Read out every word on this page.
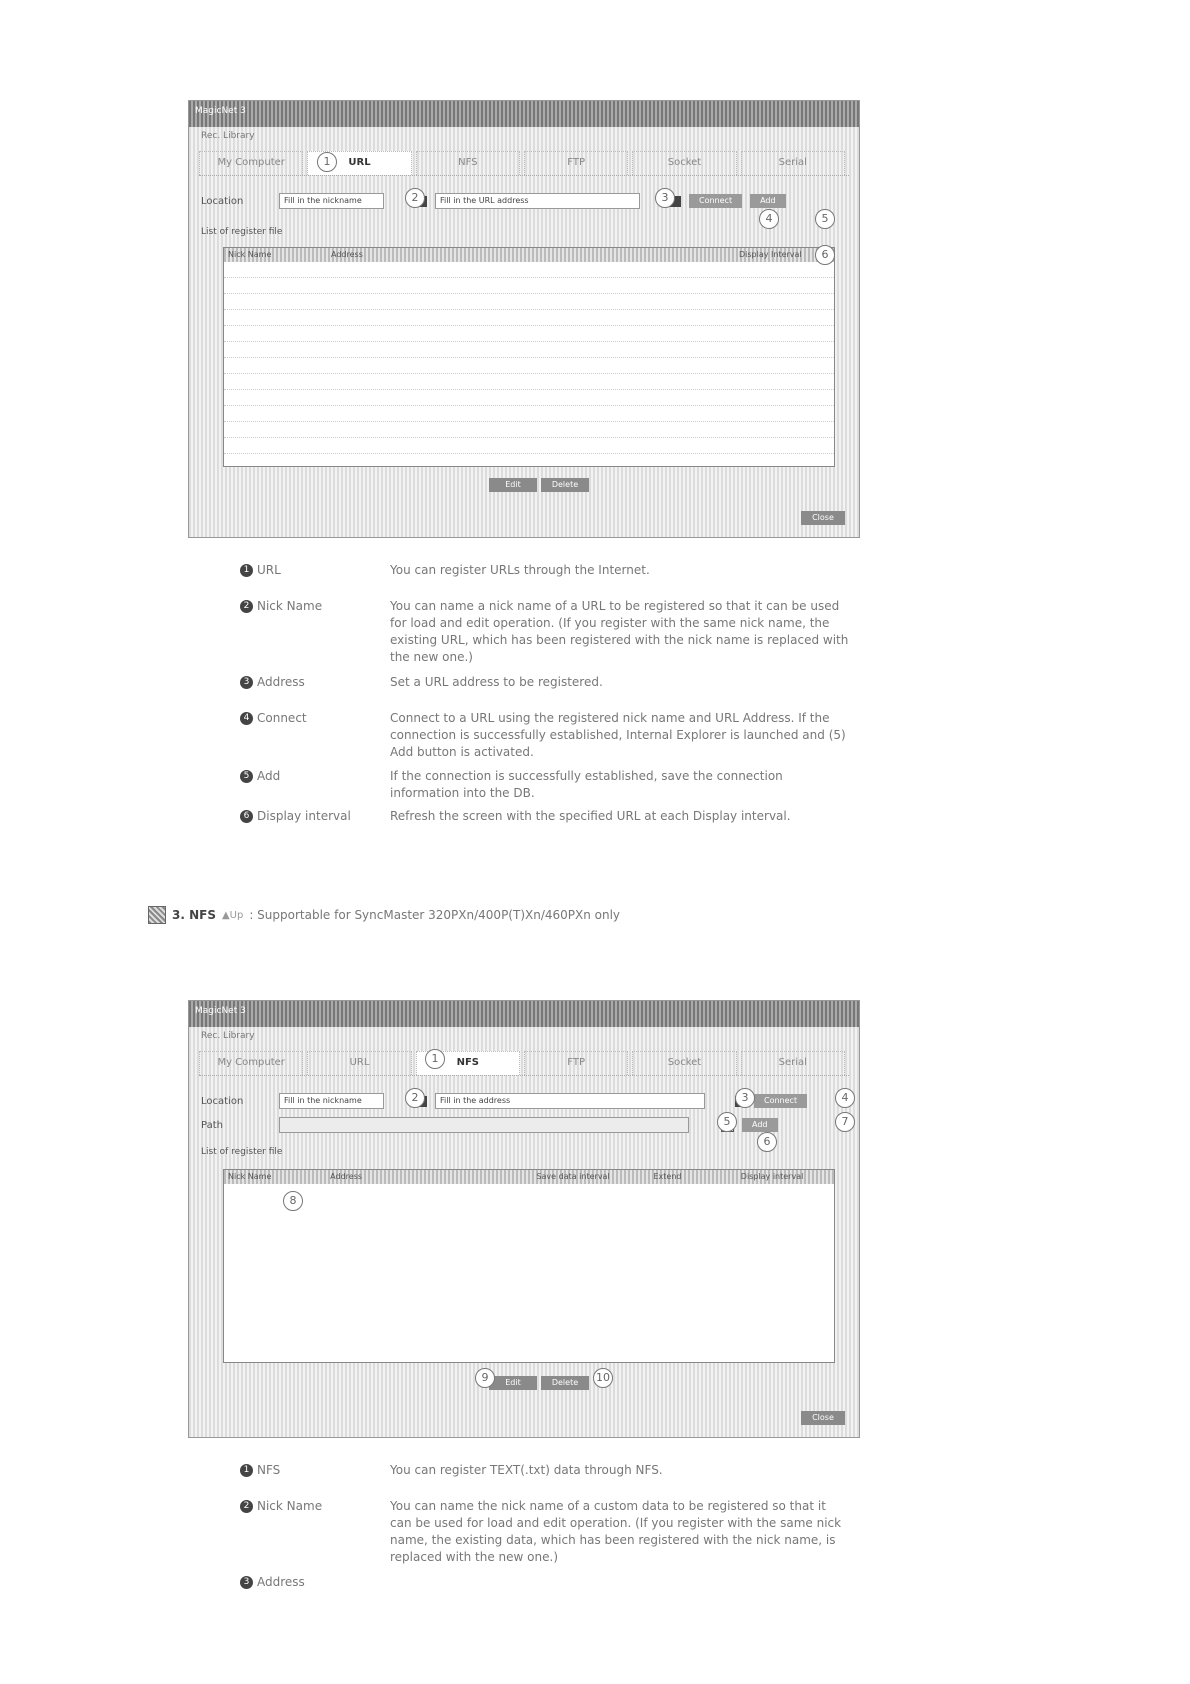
MagicNet 3
Rec. Library
My Computer	URL	NFS	FTP	Socket	Serial
Location	Fill in the nickname	Fill in the URL address	Connect	Add
List of register file
Nick Name	Address	Display Interval
Edit	Delete
Close
1
2	3
4	5
6
1 URL	You can register URLs through the Internet.
2 Nick Name	You can name a nick name of a URL to be registered so that it can be used for load and edit operation. (If you register with the same nick name, the existing URL, which has been registered with the nick name is replaced with the new one.)
3 Address	Set a URL address to be registered.
4 Connect	Connect to a URL using the registered nick name and URL Address. If the connection is successfully established, Internal Explorer is launched and (5) Add button is activated.
5 Add	If the connection is successfully established, save the connection information into the DB.
6 Display interval	Refresh the screen with the specified URL at each Display interval.
3. NFS ▲Up : Supportable for SyncMaster 320PXn/400P(T)Xn/460PXn only
MagicNet 3
Rec. Library
My Computer	URL	NFS	FTP	Socket	Serial
Location	Fill in the nickname	Fill in the address	Connect
Path	Add
List of register file
Nick Name	Address	Save data interval	Extend	Display interval
Edit	Delete
Close
1
2	3	4
5
6
7
8
9	10
1 NFS	You can register TEXT(.txt) data through NFS.
2 Nick Name	You can name the nick name of a custom data to be registered so that it can be used for load and edit operation. (If you register with the same nick name, the existing data, which has been registered with the nick name, is replaced with the new one.)
3 Address
